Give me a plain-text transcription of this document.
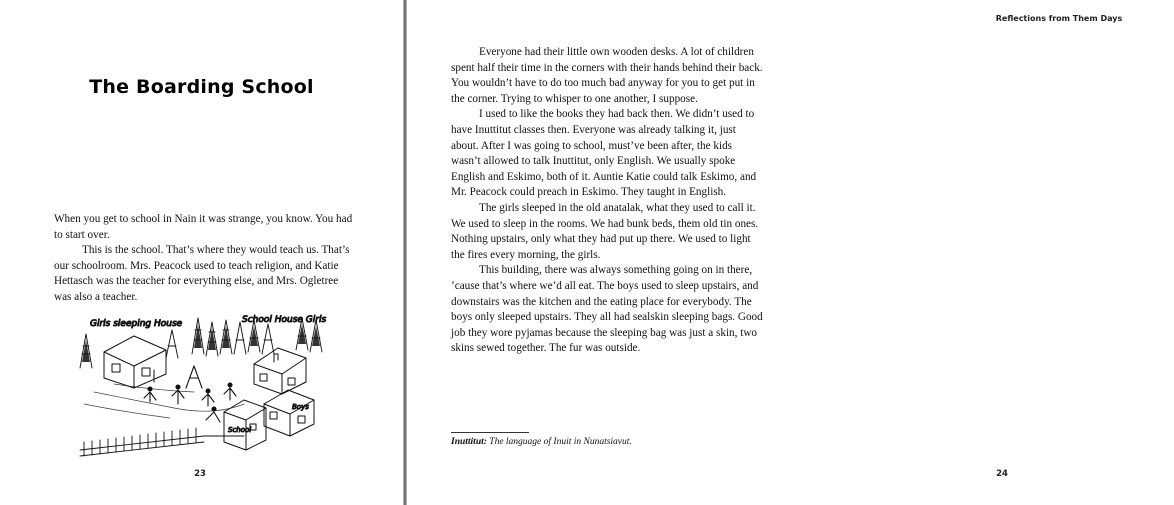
The Boarding School

When you get to school in Nain it was strange, you know. You had to start over.

This is the school. That’s where they would teach us. That’s our schoolroom. Mrs. Peacock used to teach religion, and Katie Hettasch was the teacher for everything else, and Mrs. Ogletree was also a teacher.

Girls sleeping House	School House Girls
Boys
School

23

Reflections from Them Days

24

Everyone had their little own wooden desks. A lot of children spent half their time in the corners with their hands behind their back. You wouldn’t have to do too much bad anyway for you to get put in the corner. Trying to whisper to one another, I suppose.

I used to like the books they had back then. We didn’t used to have Inuttitut classes then. Everyone was already talking it, just about. After I was going to school, must’ve been after, the kids wasn’t allowed to talk Inuttitut, only English. We usually spoke English and Eskimo, both of it. Auntie Katie could talk Eskimo, and Mr. Peacock could preach in Eskimo. They taught in English.

The girls sleeped in the old anatalak, what they used to call it. We used to sleep in the rooms. We had bunk beds, them old tin ones. Nothing upstairs, only what they had put up there. We used to light the fires every morning, the girls.

This building, there was always something going on in there, ’cause that’s where we’d all eat. The boys used to sleep upstairs, and downstairs was the kitchen and the eating place for everybody. The boys only sleeped upstairs. They all had sealskin sleeping bags. Good job they wore pyjamas because the sleeping bag was just a skin, two skins sewed together. The fur was outside.

Inuttitut: The language of Inuit in Nunatsiavut.
